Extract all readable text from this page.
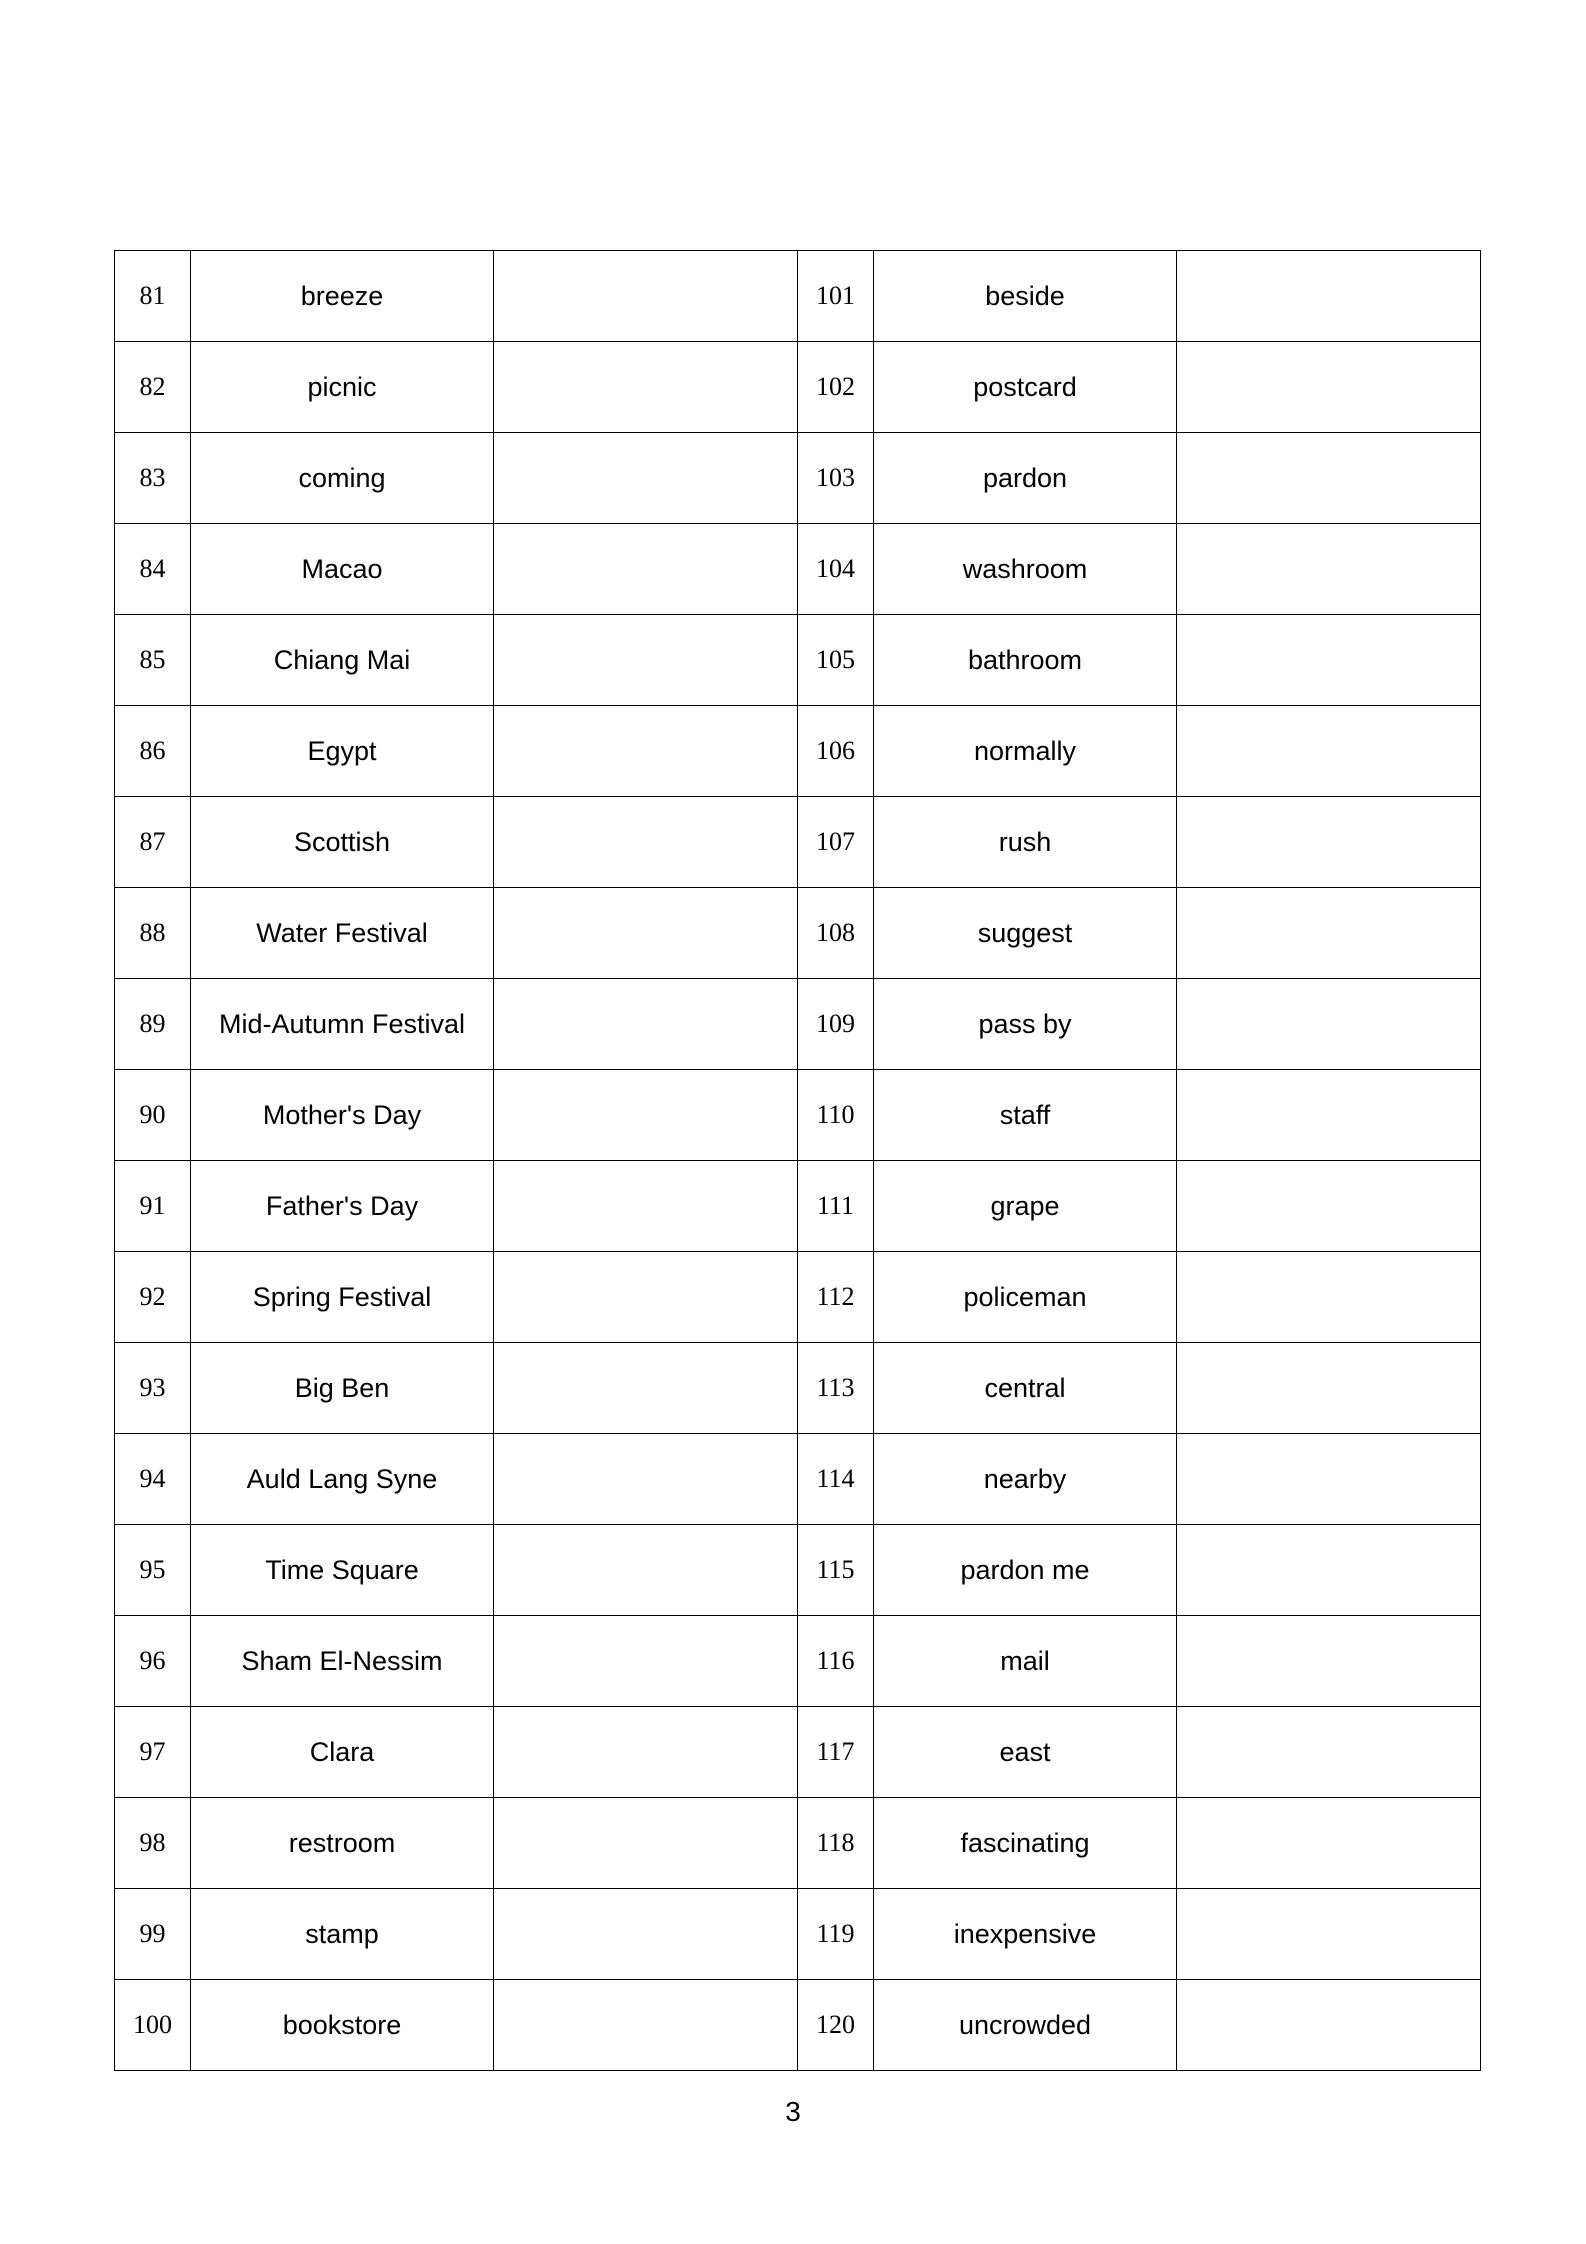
81	breeze		101	beside	
82	picnic		102	postcard	
83	coming		103	pardon	
84	Macao		104	washroom	
85	Chiang Mai		105	bathroom	
86	Egypt		106	normally	
87	Scottish		107	rush	
88	Water Festival		108	suggest	
89	Mid-Autumn Festival		109	pass by	
90	Mother's Day		110	staff	
91	Father's Day		111	grape	
92	Spring Festival		112	policeman	
93	Big Ben		113	central	
94	Auld Lang Syne		114	nearby	
95	Time Square		115	pardon me	
96	Sham El-Nessim		116	mail	
97	Clara		117	east	
98	restroom		118	fascinating	
99	stamp		119	inexpensive	
100	bookstore		120	uncrowded	
3
